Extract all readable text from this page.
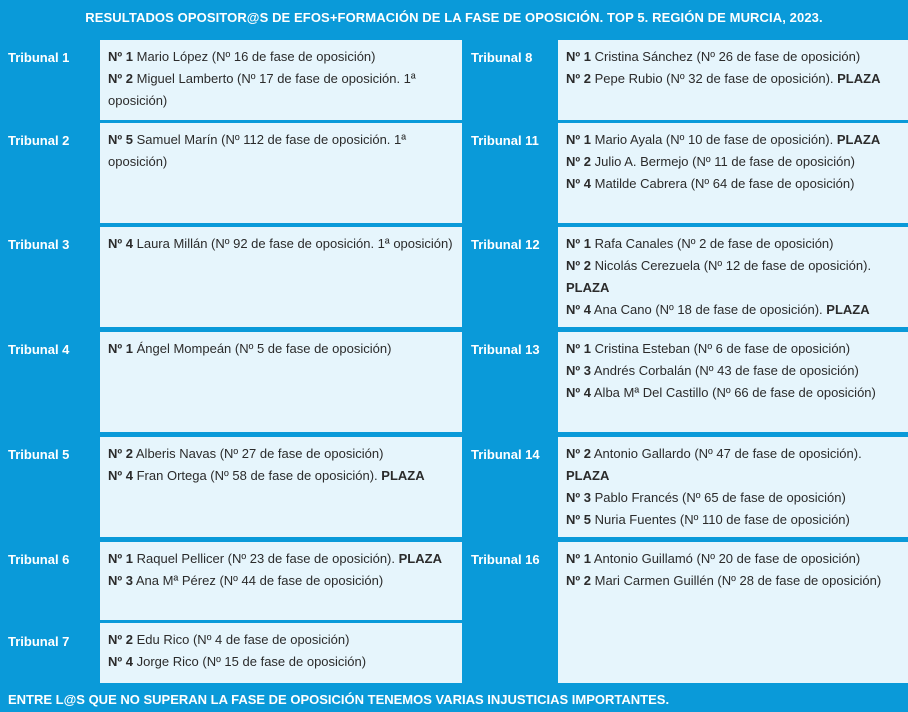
RESULTADOS OPOSITOR@S DE EFOS+FORMACIÓN DE LA FASE DE OPOSICIÓN. TOP 5. REGIÓN DE MURCIA, 2023.
Tribunal 1	Nº 1 Mario López (Nº 16 de fase de oposición)
Nº 2 Miguel Lamberto (Nº 17 de fase de oposición. 1ª oposición)
Tribunal 2	Nº 5 Samuel Marín (Nº 112 de fase de oposición. 1ª oposición)
Tribunal 3	Nº 4 Laura Millán (Nº 92 de fase de oposición. 1ª oposición)
Tribunal 4	Nº 1 Ángel Mompeán (Nº 5 de fase de oposición)
Tribunal 5	Nº 2 Alberis Navas (Nº 27 de fase de oposición)
Nº 4 Fran Ortega (Nº 58 de fase de oposición). PLAZA
Tribunal 6	Nº 1 Raquel Pellicer (Nº 23 de fase de oposición). PLAZA
Nº 3 Ana Mª Pérez (Nº 44 de fase de oposición)
Tribunal 7	Nº 2 Edu Rico (Nº 4 de fase de oposición)
Nº 4 Jorge Rico (Nº 15 de fase de oposición)
Tribunal 8	Nº 1 Cristina Sánchez (Nº 26 de fase de oposición)
Nº 2 Pepe Rubio (Nº 32 de fase de oposición). PLAZA
Tribunal 11 Nº 1 Mario Ayala (Nº 10 de fase de oposición). PLAZA
Nº 2 Julio A. Bermejo (Nº 11 de fase de oposición)
Nº 4 Matilde Cabrera (Nº 64 de fase de oposición)
Tribunal 12 Nº 1 Rafa Canales (Nº 2 de fase de oposición)
Nº 2 Nicolás Cerezuela (Nº 12 de fase de oposición). PLAZA
Nº 4 Ana Cano (Nº 18 de fase de oposición). PLAZA
Tribunal 13 Nº 1 Cristina Esteban (Nº 6 de fase de oposición)
Nº 3 Andrés Corbalán (Nº 43 de fase de oposición)
Nº 4 Alba Mª Del Castillo (Nº 66 de fase de oposición)
Tribunal 14 Nº 2 Antonio Gallardo (Nº 47 de fase de oposición). PLAZA
Nº 3 Pablo Francés (Nº 65 de fase de oposición)
Nº 5 Nuria Fuentes (Nº 110 de fase de oposición)
Tribunal 16 Nº 1 Antonio Guillamó (Nº 20 de fase de oposición)
Nº 2 Mari Carmen Guillén (Nº 28 de fase de oposición)
ENTRE L@S QUE NO SUPERAN LA FASE DE OPOSICIÓN TENEMOS VARIAS INJUSTICIAS IMPORTANTES.
